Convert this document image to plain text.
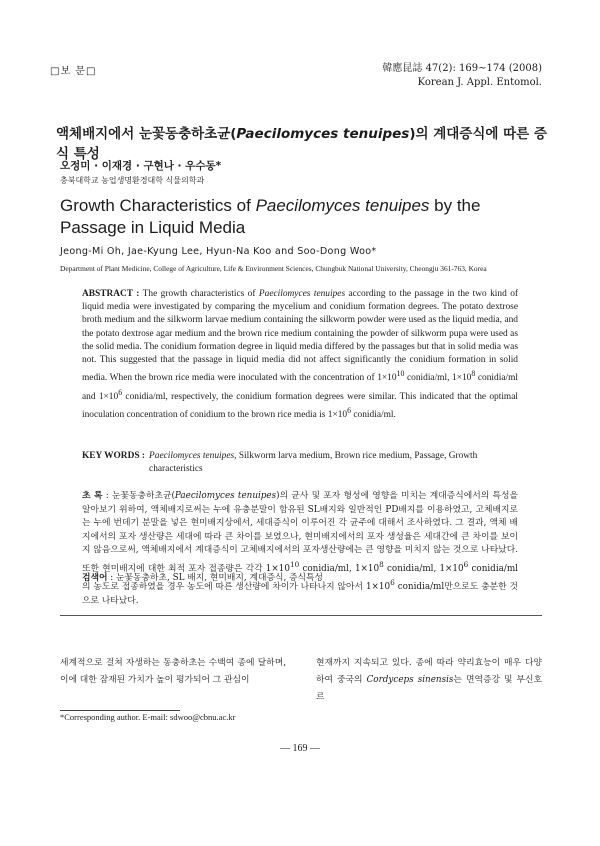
□보 문□	韓應昆誌 47(2): 169∼174 (2008)
Korean J. Appl. Entomol.
액체배지에서 눈꽃동충하초균(Paecilomyces tenuipes)의 계대증식에 따른 증식 특성
오정미 · 이재경 · 구현나 · 우수동*
충북대학교 농업생명환경대학 식물의학과
Growth Characteristics of Paecilomyces tenuipes by the Passage in Liquid Media
Jeong-Mi Oh, Jae-Kyung Lee, Hyun-Na Koo and Soo-Dong Woo*
Department of Plant Medicine, College of Agriculture, Life & Environment Sciences, Chungbuk National University, Cheongju 361-763, Korea
ABSTRACT : The growth characteristics of Paecilomyces tenuipes according to the passage in the two kind of liquid media were investigated by comparing the mycelium and conidium formation degrees. The potato dextrose broth medium and the silkworm larvae medium containing the silkworm powder were used as the liquid media, and the potato dextrose agar medium and the brown rice medium containing the powder of silkworm pupa were used as the solid media. The conidium formation degree in liquid media differed by the passages but that in solid media was not. This suggested that the passage in liquid media did not affect significantly the conidium formation in solid media. When the brown rice media were inoculated with the concentration of $1\times 10^{10}$ conidia/ml, $1\times 10^8$ conidia/ml and $1\times 10^6$ conidia/ml, respectively, the conidium formation degrees were similar. This indicated that the optimal inoculation concentration of conidium to the brown rice media is $1\times 10^6$ conidia/ml.
KEY WORDS : Paecilomyces tenuipes, Silkworm larva medium, Brown rice medium, Passage, Growth characteristics
초 록 : 눈꽃동충하초균(Paecilomyces tenuipes)의 균사 및 포자 형성에 영향을 미치는 계대증식에서의 특성을 알아보기 위하여, 액체배지로써는 누에 유충분말이 함유된 SL배지와 일반적인 PD배지를 이용하였고, 고체배지로는 누에 번데기 분말을 넣은 현미배지상에서, 세대증식이 이루어진 각 균주에 대해서 조사하였다. 그 결과, 액체 배지에서의 포자 생산량은 세대에 따라 큰 차이를 보였으나, 현미배지에서의 포자 생성율은 세대간에 큰 차이를 보이지 않음으로써, 액체배지에서 계대증식이 고체배지에서의 포자생산량에는 큰 영향을 미치지 않는 것으로 나타났다. 또한 현미배지에 대한 최적 포자 접종량은 각각 $1\times 10^{10}$ conidia/ml, $1\times 10^8$ conidia/ml, $1\times 10^6$ conidia/ml의 농도로 접종하였을 경우 농도에 따른 생산량에 차이가 나타나지 않아서 $1\times 10^6$ conidia/ml만으로도 충분한 것으로 나타났다.
검색어 : 눈꽃동충하초, SL 배지, 현미배지, 계대증식, 증식특성
세계적으로 걸쳐 자생하는 동충하초는 수백여 종에 달하며, 이에 대한 잠재된 가치가 높이 평가되어 그 관심이
현재까지 지속되고 있다. 종에 따라 약리효능이 매우 다양하여 중국의 Cordyceps sinensis는 면역증강 및 부신호르
*Corresponding author. E-mail: sdwoo@cbnu.ac.kr
— 169 —
